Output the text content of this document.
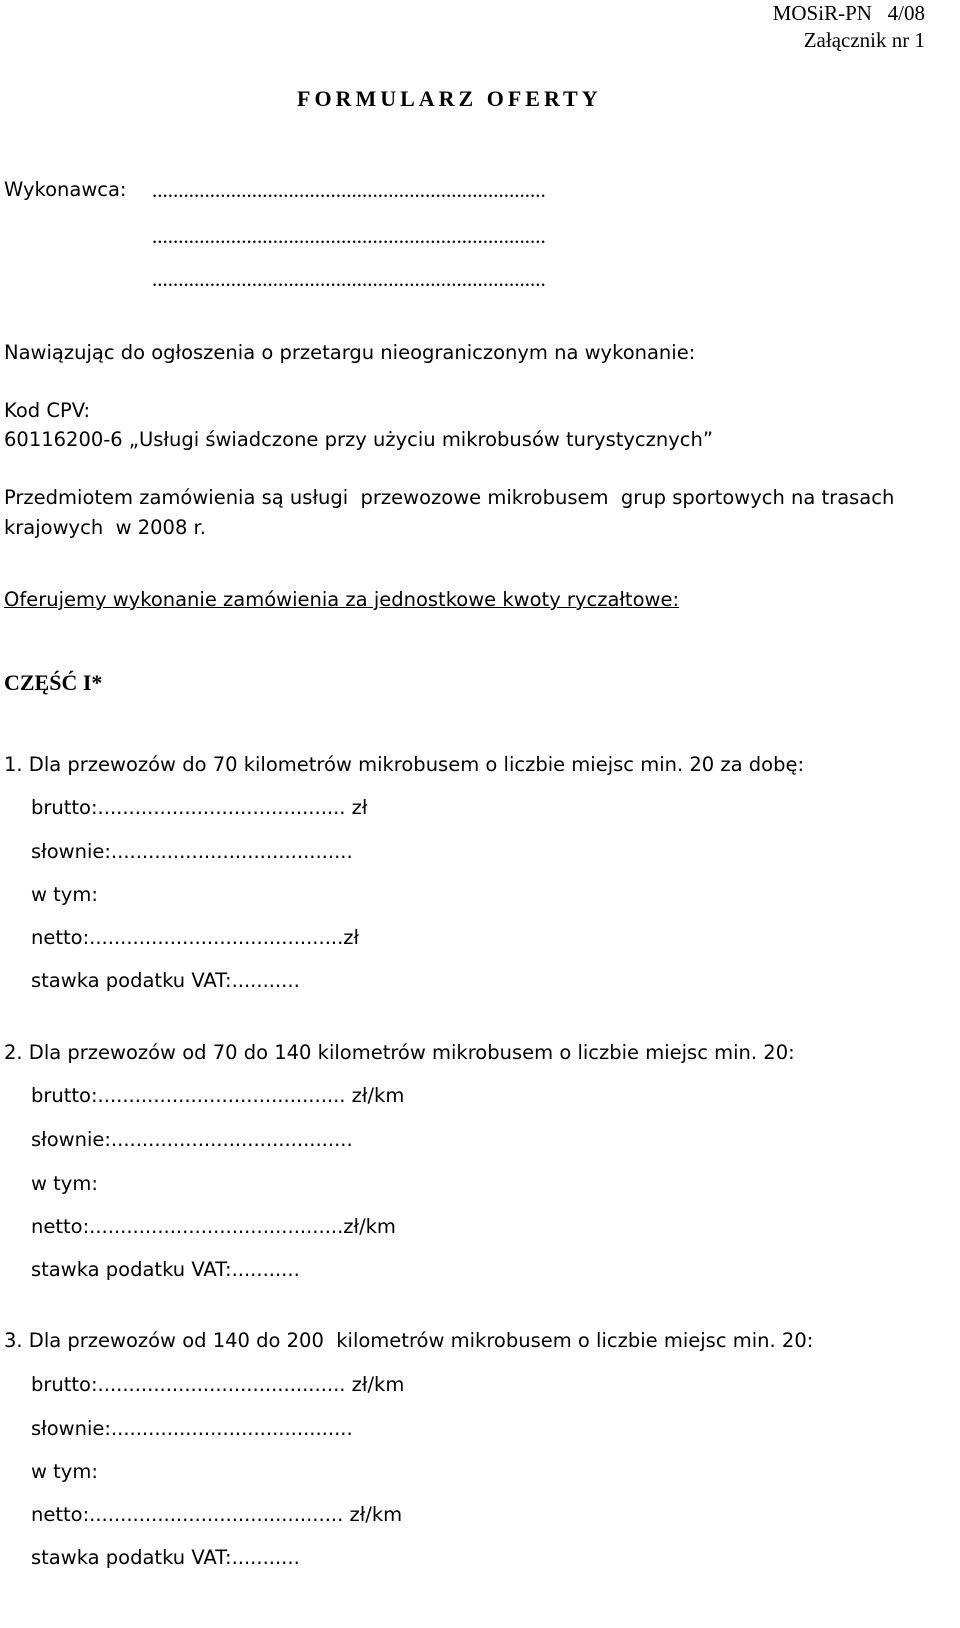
MOSiR-PN   4/08
Załącznik nr 1
FORMULARZ OFERTY
Wykonawca: ...........................................................................
...........................................................................
...........................................................................
Nawiązując do ogłoszenia o przetargu nieograniczonym na wykonanie:
Kod CPV:
60116200-6 „Usługi świadczone przy użyciu mikrobusów turystycznych”
Przedmiotem zamówienia są usługi  przewozowe mikrobusem  grup sportowych na trasach
krajowych  w 2008 r.
Oferujemy wykonanie zamówienia za jednostkowe kwoty ryczałtowe:
CZĘŚĆ I*
1. Dla przewozów do 70 kilometrów mikrobusem o liczbie miejsc min. 20 za dobę:
brutto:........................................ zł
słownie:.......................................
w tym:
netto:.........................................zł
stawka podatku VAT:...........
2. Dla przewozów od 70 do 140 kilometrów mikrobusem o liczbie miejsc min. 20:
brutto:........................................ zł/km
słownie:.......................................
w tym:
netto:.........................................zł/km
stawka podatku VAT:...........
3. Dla przewozów od 140 do 200  kilometrów mikrobusem o liczbie miejsc min. 20:
brutto:........................................ zł/km
słownie:.......................................
w tym:
netto:......................................... zł/km
stawka podatku VAT:...........
